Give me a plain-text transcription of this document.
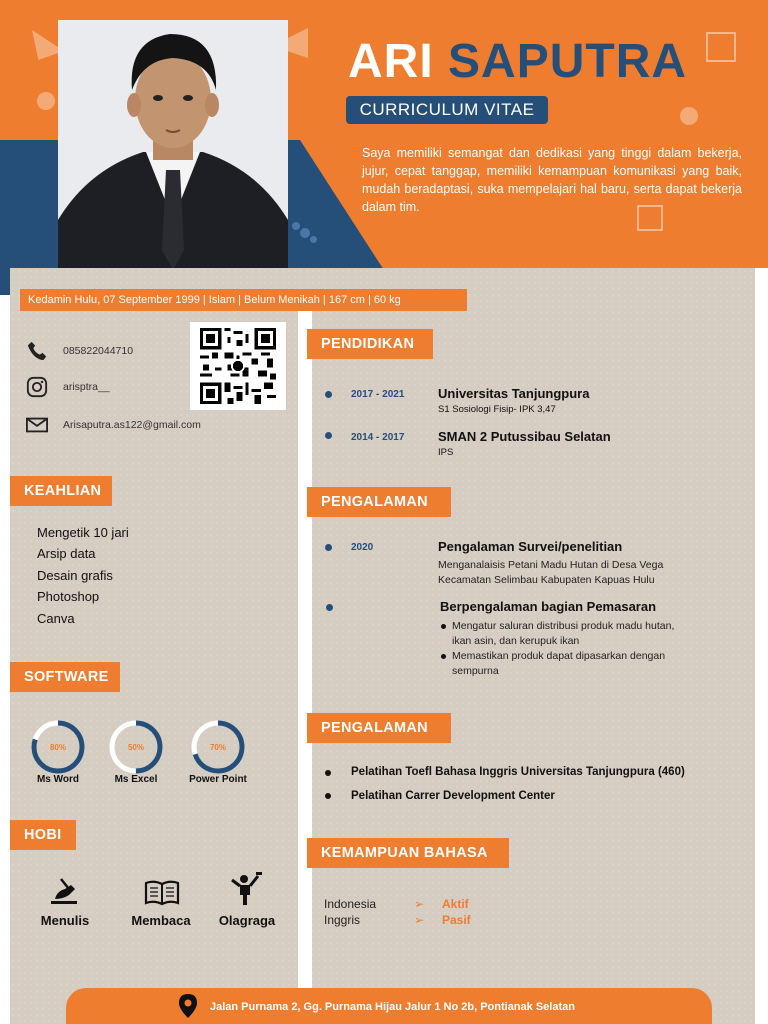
ARI SAPUTRA
CURRICULUM VITAE
Saya memiliki semangat dan dedikasi yang tinggi dalam bekerja, jujur, cepat tanggap, memiliki kemampuan komunikasi yang baik, mudah beradaptasi, suka mempelajari hal baru, serta dapat bekerja dalam tim.
Kedamin Hulu, 07 September 1999 | Islam | Belum Menikah | 167 cm | 60 kg
085822044710
arisptra__
Arisaputra.as122@gmail.com
KEAHLIAN
Mengetik 10 jari
Arsip data
Desain grafis
Photoshop
Canva
SOFTWARE
80%
Ms Word
50%
Ms Excel
70%
Power Point
HOBI
Menulis	Membaca	Olagraga
PENDIDIKAN
2017 - 2021	Universitas Tanjungpura
S1 Sosiologi Fisip- IPK 3,47
2014 - 2017	SMAN 2 Putussibau Selatan
IPS
PENGALAMAN
2020	Pengalaman Survei/penelitian
Menganalaisis Petani Madu Hutan di Desa Vega
Kecamatan Selimbau Kabupaten Kapuas Hulu
Berpengalaman bagian Pemasaran
Mengatur saluran distribusi produk madu hutan,
ikan asin, dan kerupuk ikan
Memastikan produk dapat dipasarkan dengan
sempurna
PENGALAMAN
Pelatihan Toefl Bahasa Inggris Universitas Tanjungpura (460)
Pelatihan Carrer Development Center
KEMAMPUAN BAHASA
Indonesia	➢ Aktif
Inggris	➢ Pasif
Jalan Purnama 2, Gg. Purnama Hijau Jalur 1 No 2b, Pontianak Selatan
